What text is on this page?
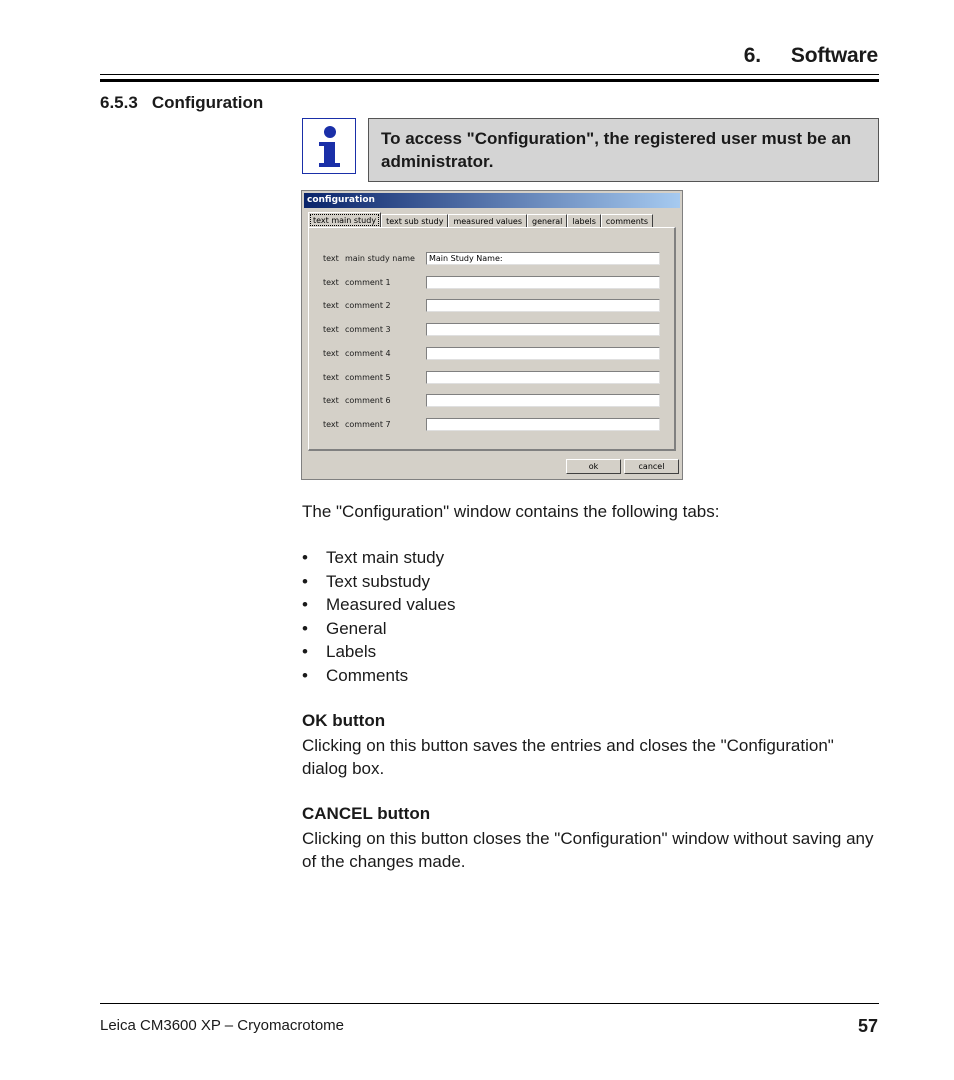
6. Software
6.5.3 Configuration
To access "Configuration", the registered user must be an administrator.
configuration
text main study	text sub study	measured values	general	labels	comments
text main study name	Main Study Name:
text comment 1
text comment 2
text comment 3
text comment 4
text comment 5
text comment 6
text comment 7
ok	cancel
The "Configuration" window contains the following tabs:
• Text main study
• Text substudy
• Measured values
• General
• Labels
• Comments
OK button
Clicking on this button saves the entries and closes the "Configuration" dialog box.
CANCEL button
Clicking on this button closes the "Configuration" window without saving any of the changes made.
Leica CM3600 XP – Cryomacrotome	57
